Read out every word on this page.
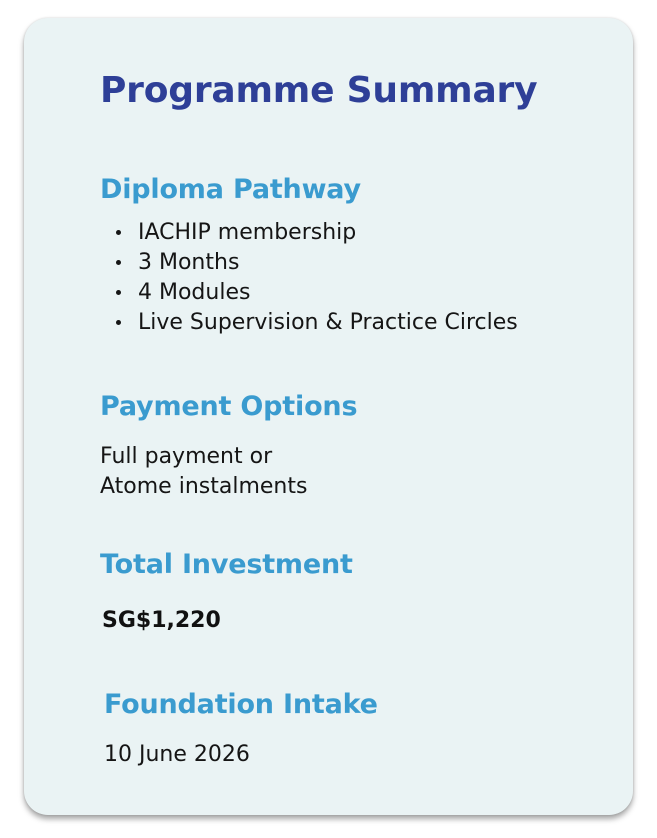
Programme Summary
Diploma Pathway
IACHIP membership
3 Months
4 Modules
Live Supervision & Practice Circles
Payment Options

Full payment or

Atome instalments

Total Investment

SG$1,220

Foundation Intake

10 June 2026
